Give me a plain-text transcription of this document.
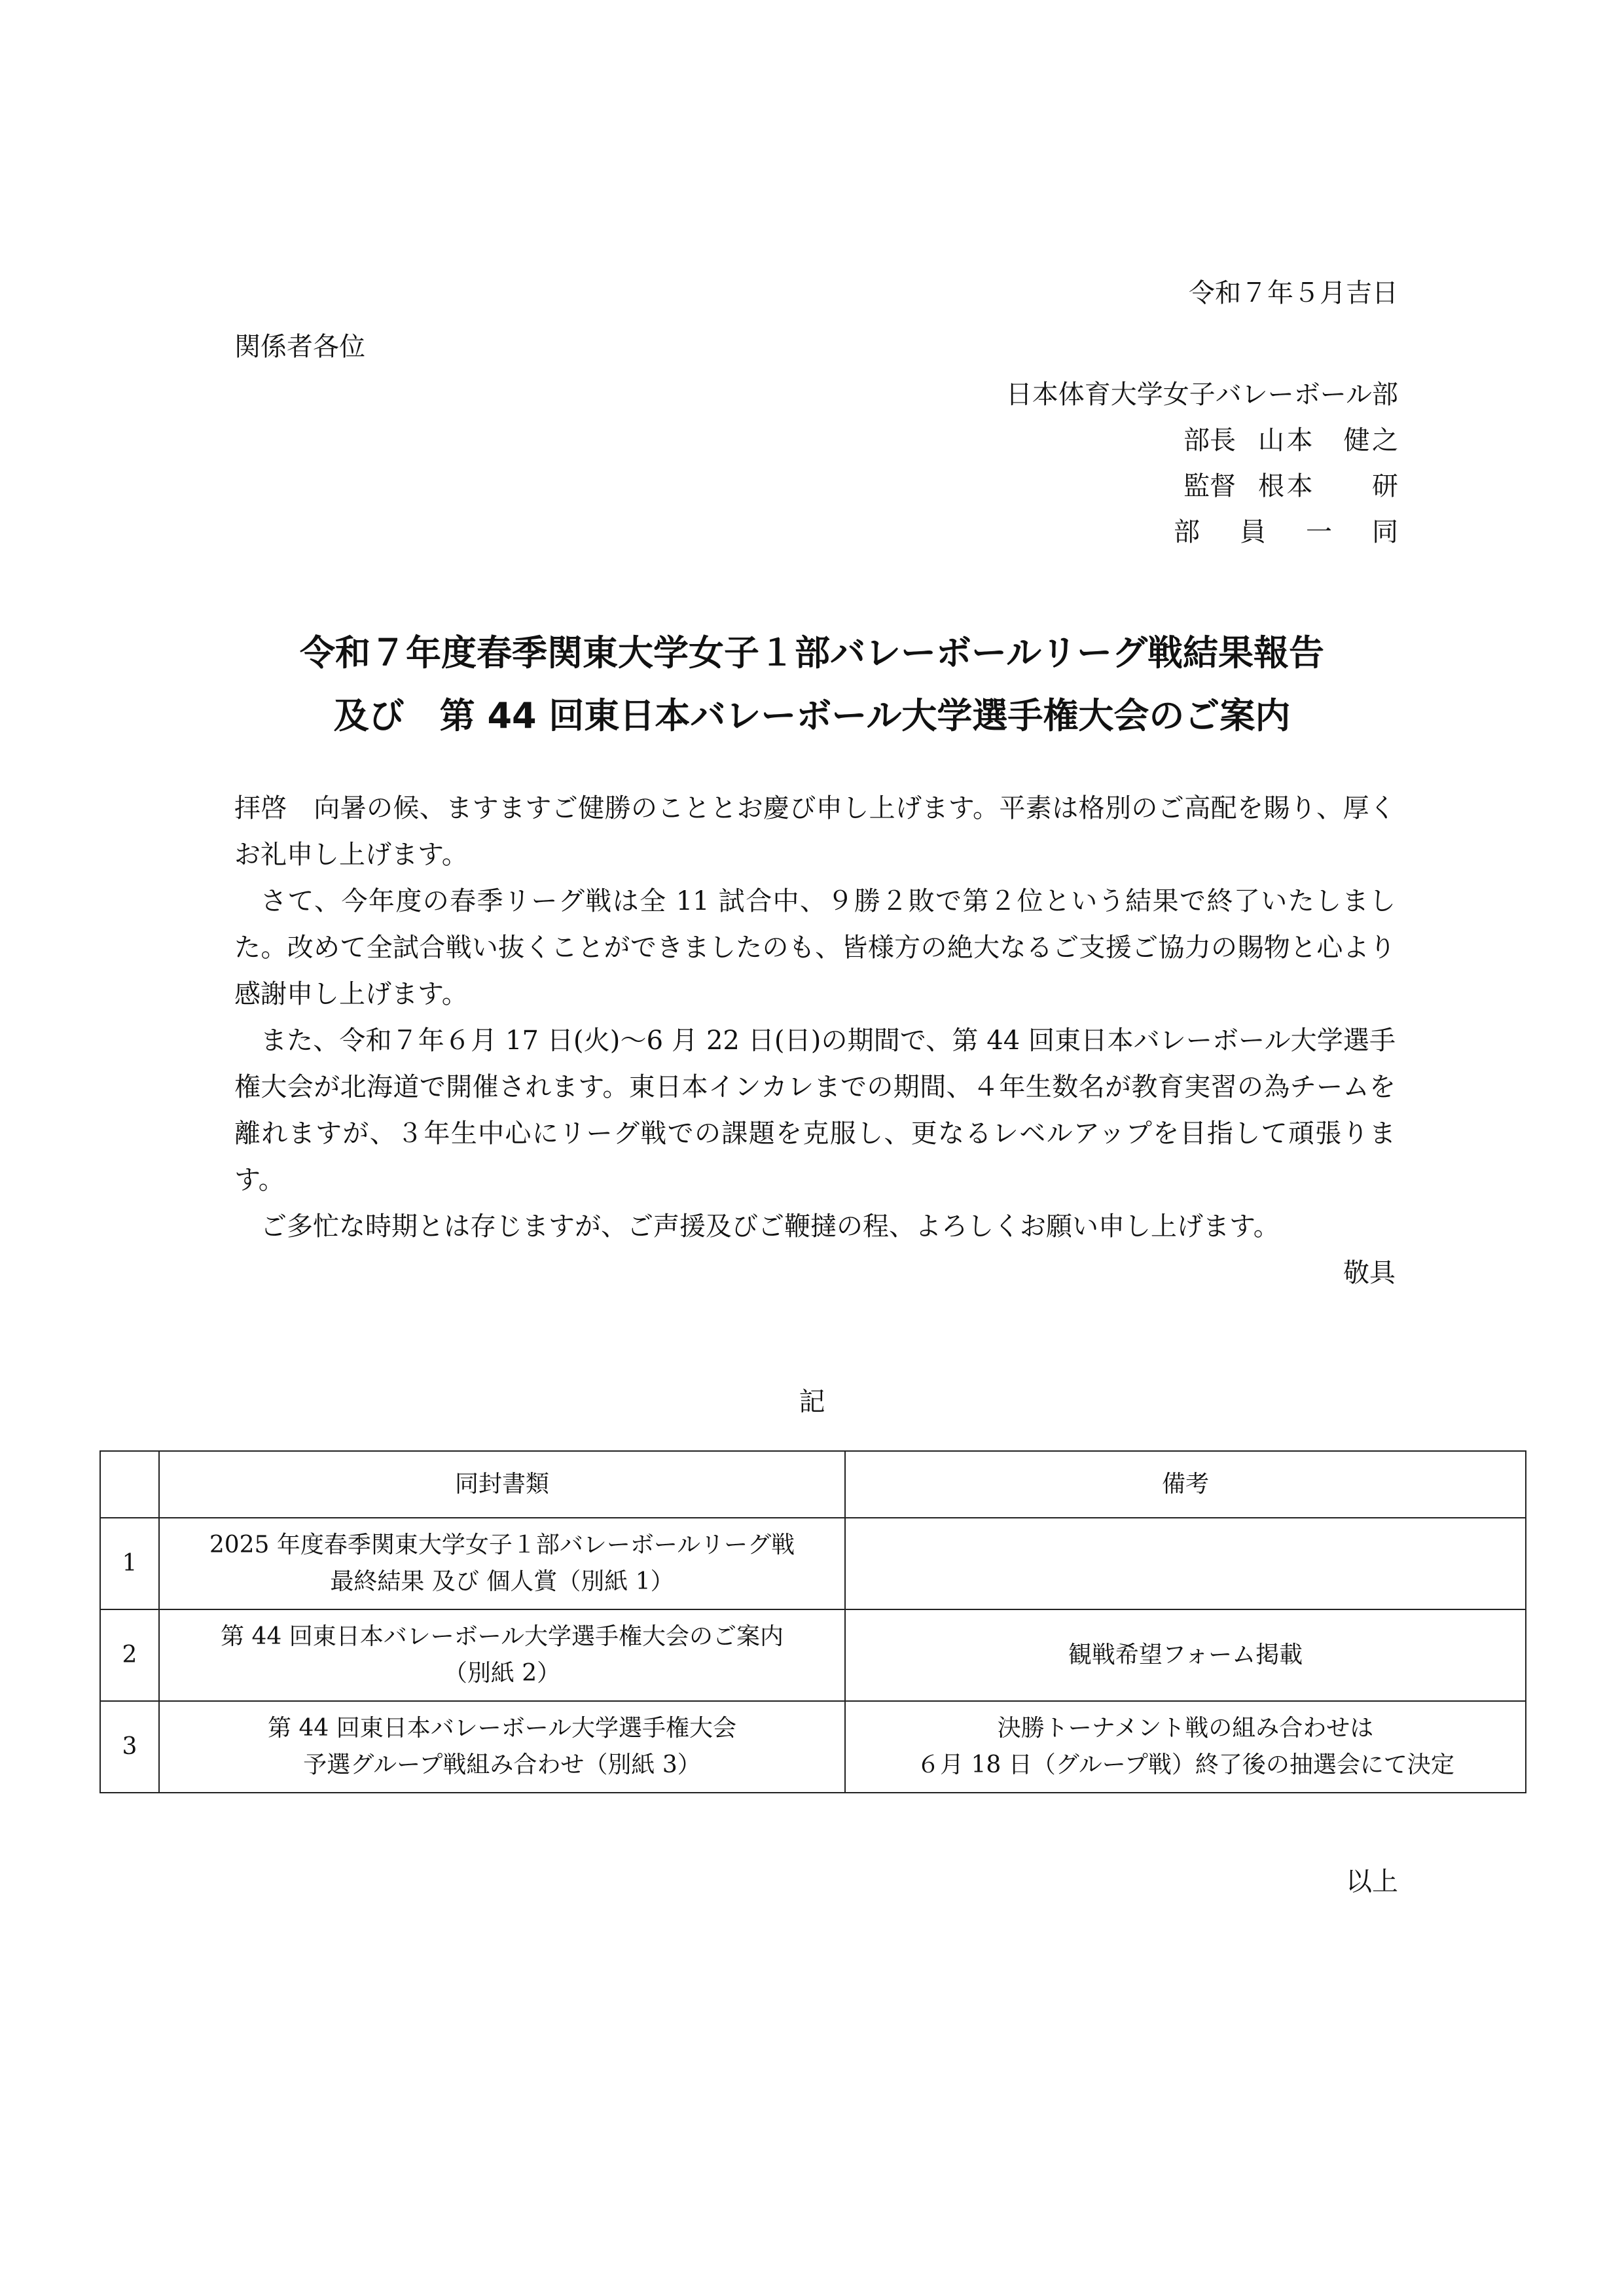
令和７年５月吉日
関係者各位
日本体育大学女子バレーボール部
部長 山本　健之
監督 根本　　研
部　員　一　同
令和７年度春季関東大学女子１部バレーボールリーグ戦結果報告
及び　第 44 回東日本バレーボール大学選手権大会のご案内

拝啓　向暑の候、ますますご健勝のこととお慶び申し上げます。平素は格別のご高配を賜り、厚くお礼申し上げます。

さて、今年度の春季リーグ戦は全 11 試合中、９勝２敗で第２位という結果で終了いたしました。改めて全試合戦い抜くことができましたのも、皆様方の絶大なるご支援ご協力の賜物と心より感謝申し上げます。

また、令和７年６月 17 日(火)〜6 月 22 日(日)の期間で、第 44 回東日本バレーボール大学選手権大会が北海道で開催されます。東日本インカレまでの期間、４年生数名が教育実習の為チームを離れますが、３年生中心にリーグ戦での課題を克服し、更なるレベルアップを目指して頑張ります。

ご多忙な時期とは存じますが、ご声援及びご鞭撻の程、よろしくお願い申し上げます。

敬具

記
	同封書類	備考
1	2025 年度春季関東大学女子１部バレーボールリーグ戦
最終結果 及び 個人賞（別紙 1）	

2	第 44 回東日本バレーボール大学選手権大会のご案内
（別紙 2）	観戦希望フォーム掲載

3	第 44 回東日本バレーボール大学選手権大会
予選グループ戦組み合わせ（別紙 3）	決勝トーナメント戦の組み合わせは
６月 18 日（グループ戦）終了後の抽選会にて決定
以上
